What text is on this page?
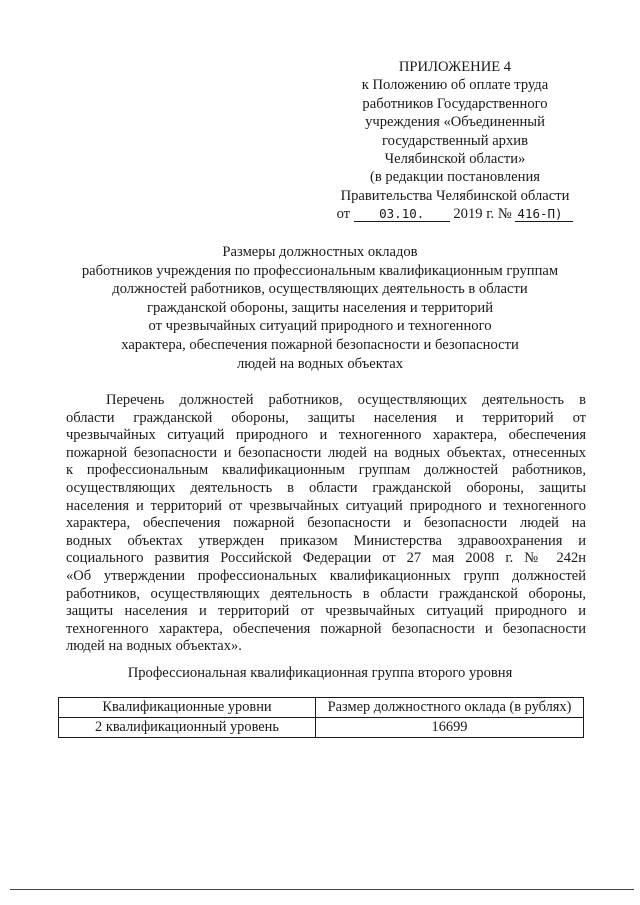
ПРИЛОЖЕНИЕ 4
к Положению об оплате труда
работников Государственного
учреждения «Объединенный
государственный архив
Челябинской области»
(в редакции постановления
Правительства Челябинской области
от 03.10. 2019 г. № 416-П)
Размеры должностных окладов
работников учреждения по профессиональным квалификационным группам
должностей работников, осуществляющих деятельность в области
гражданской обороны, защиты населения и территорий
от чрезвычайных ситуаций природного и техногенного
характера, обеспечения пожарной безопасности и безопасности
людей на водных объектах
Перечень должностей работников, осуществляющих деятельность в
области гражданской обороны, защиты населения и территорий от
чрезвычайных ситуаций природного и техногенного характера, обеспечения
пожарной безопасности и безопасности людей на водных объектах, отнесенных
к профессиональным квалификационным группам должностей работников,
осуществляющих деятельность в области гражданской обороны, защиты
населения и территорий от чрезвычайных ситуаций природного и техногенного
характера, обеспечения пожарной безопасности и безопасности людей на
водных объектах утвержден приказом Министерства здравоохранения и
социального развития Российской Федерации от 27 мая 2008 г. № 242н
«Об утверждении профессиональных квалификационных групп должностей
работников, осуществляющих деятельность в области гражданской обороны,
защиты населения и территорий от чрезвычайных ситуаций природного и
техногенного характера, обеспечения пожарной безопасности и безопасности
людей на водных объектах».
Профессиональная квалификационная группа второго уровня
Квалификационные уровни	Размер должностного оклада (в рублях)
2 квалификационный уровень	16699
